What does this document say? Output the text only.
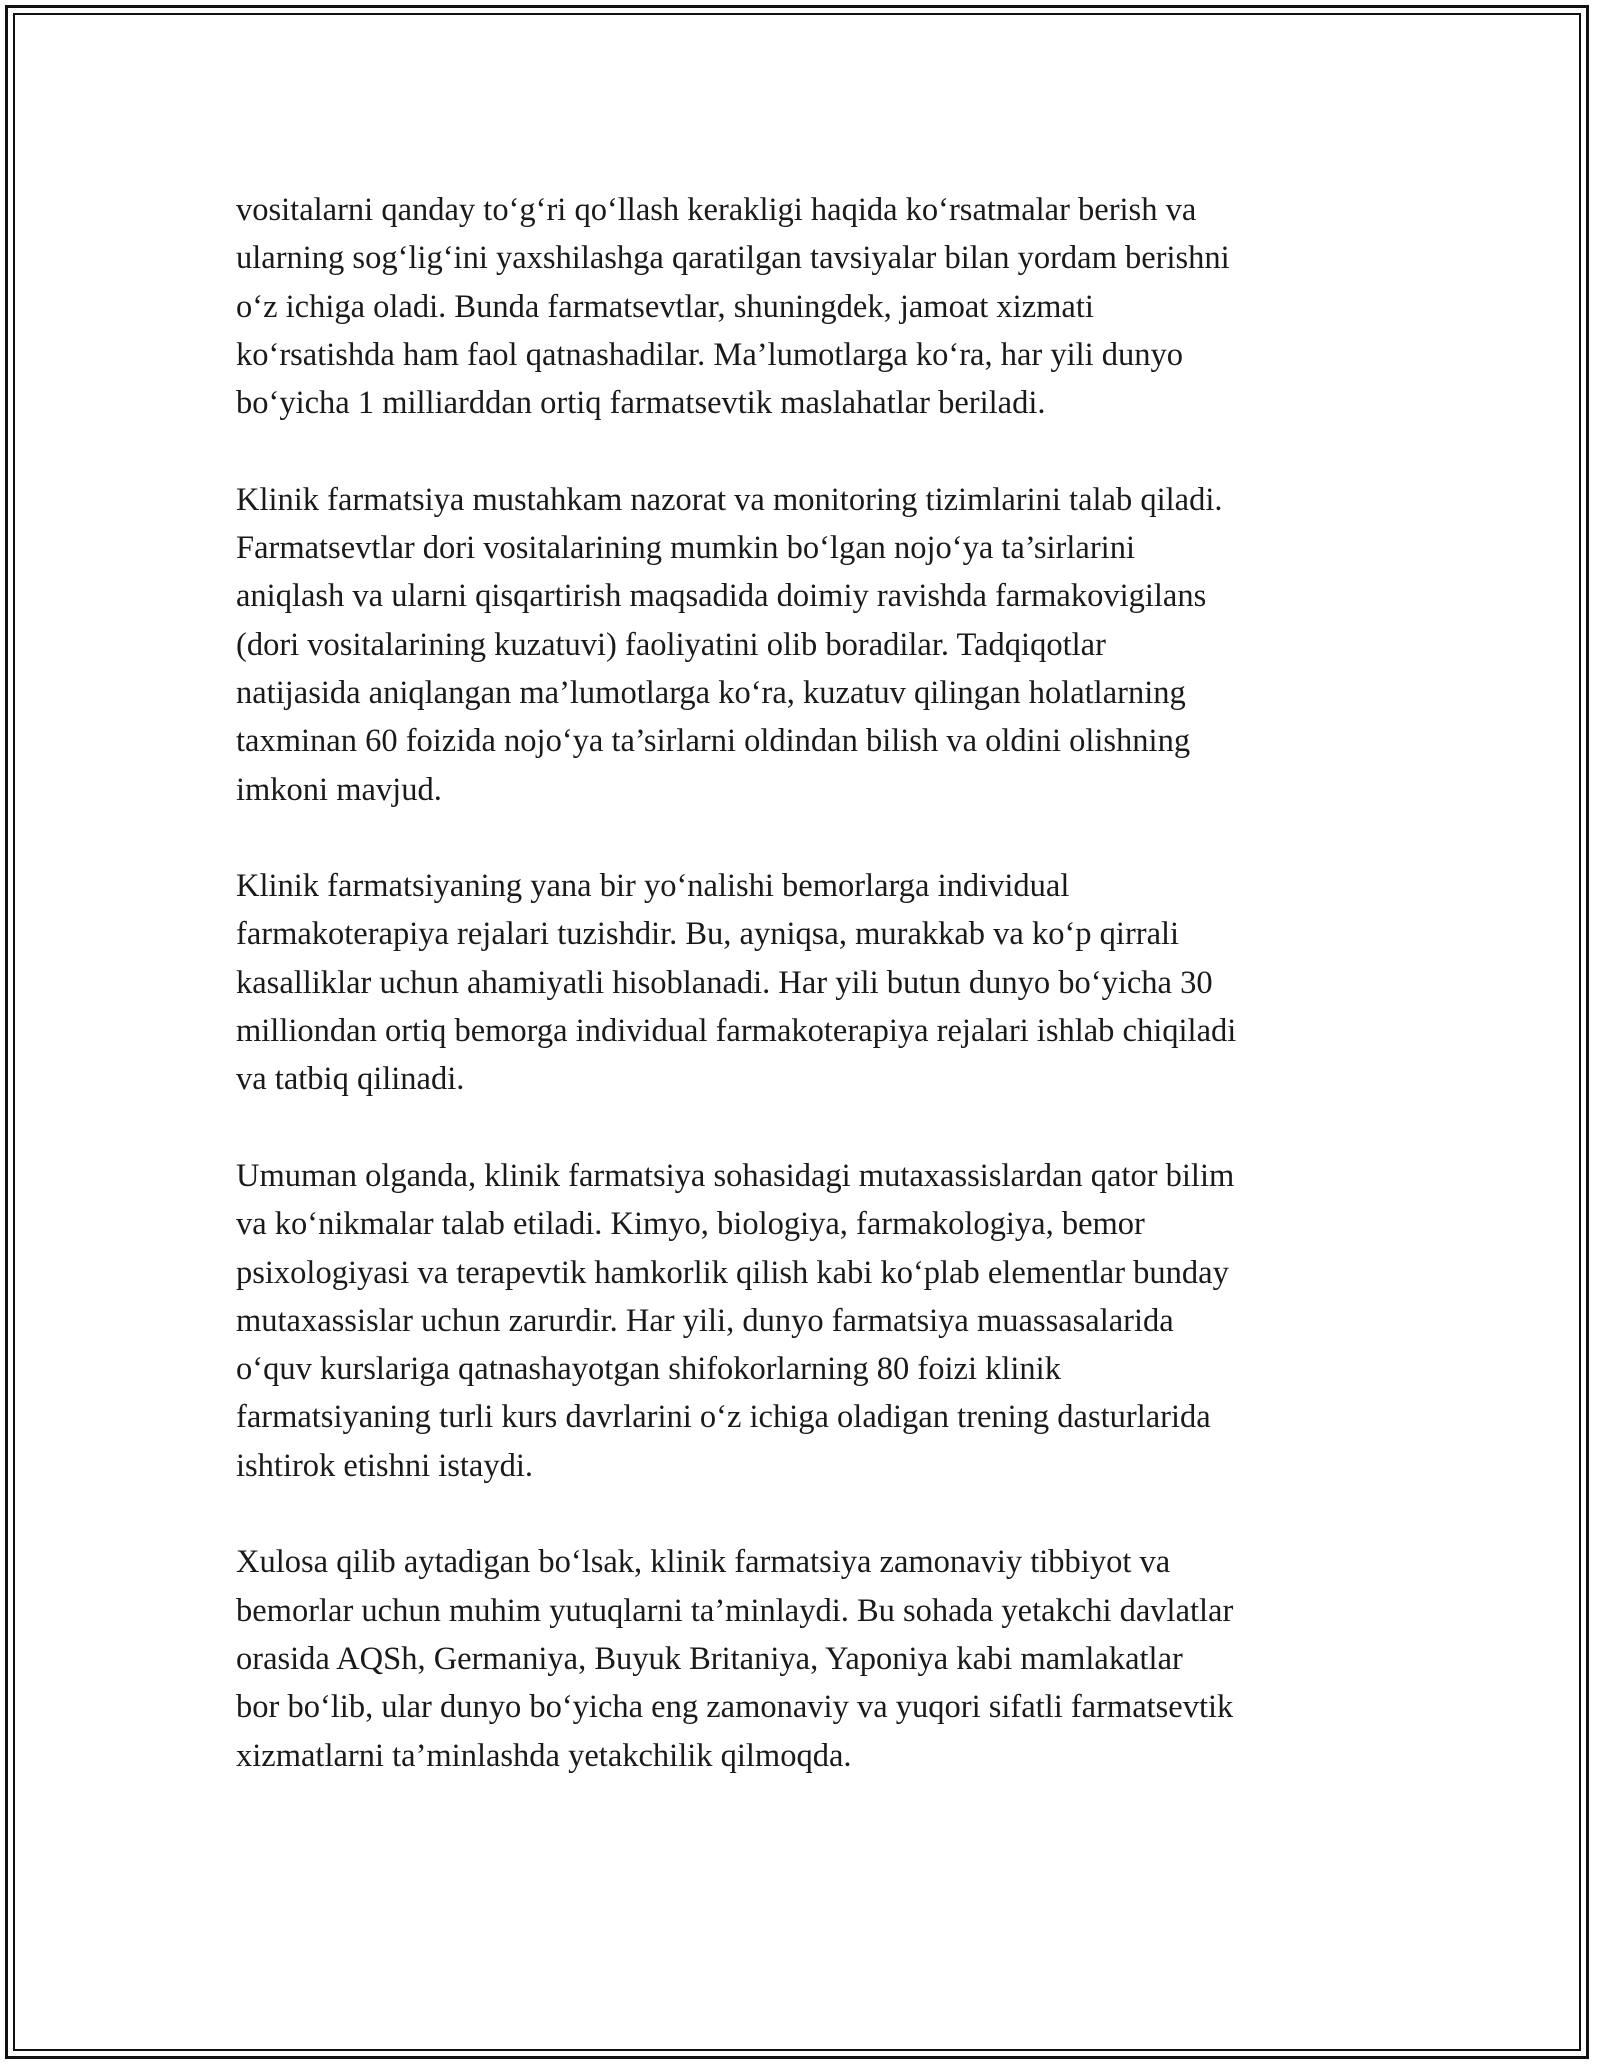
vositalarni qanday to‘g‘ri qo‘llash kerakligi haqida ko‘rsatmalar berish va
ularning sog‘lig‘ini yaxshilashga qaratilgan tavsiyalar bilan yordam berishni
o‘z ichiga oladi. Bunda farmatsevtlar, shuningdek, jamoat xizmati
ko‘rsatishda ham faol qatnashadilar. Ma’lumotlarga ko‘ra, har yili dunyo
bo‘yicha 1 milliarddan ortiq farmatsevtik maslahatlar beriladi.

Klinik farmatsiya mustahkam nazorat va monitoring tizimlarini talab qiladi.
Farmatsevtlar dori vositalarining mumkin bo‘lgan nojo‘ya ta’sirlarini
aniqlash va ularni qisqartirish maqsadida doimiy ravishda farmakovigilans
(dori vositalarining kuzatuvi) faoliyatini olib boradilar. Tadqiqotlar
natijasida aniqlangan ma’lumotlarga ko‘ra, kuzatuv qilingan holatlarning
taxminan 60 foizida nojo‘ya ta’sirlarni oldindan bilish va oldini olishning
imkoni mavjud.

Klinik farmatsiyaning yana bir yo‘nalishi bemorlarga individual
farmakoterapiya rejalari tuzishdir. Bu, ayniqsa, murakkab va ko‘p qirrali
kasalliklar uchun ahamiyatli hisoblanadi. Har yili butun dunyo bo‘yicha 30
milliondan ortiq bemorga individual farmakoterapiya rejalari ishlab chiqiladi
va tatbiq qilinadi.

Umuman olganda, klinik farmatsiya sohasidagi mutaxassislardan qator bilim
va ko‘nikmalar talab etiladi. Kimyo, biologiya, farmakologiya, bemor
psixologiyasi va terapevtik hamkorlik qilish kabi ko‘plab elementlar bunday
mutaxassislar uchun zarurdir. Har yili, dunyo farmatsiya muassasalarida
o‘quv kurslariga qatnashayotgan shifokorlarning 80 foizi klinik
farmatsiyaning turli kurs davrlarini o‘z ichiga oladigan trening dasturlarida
ishtirok etishni istaydi.

Xulosa qilib aytadigan bo‘lsak, klinik farmatsiya zamonaviy tibbiyot va
bemorlar uchun muhim yutuqlarni ta’minlaydi. Bu sohada yetakchi davlatlar
orasida AQSh, Germaniya, Buyuk Britaniya, Yaponiya kabi mamlakatlar
bor bo‘lib, ular dunyo bo‘yicha eng zamonaviy va yuqori sifatli farmatsevtik
xizmatlarni ta’minlashda yetakchilik qilmoqda.
